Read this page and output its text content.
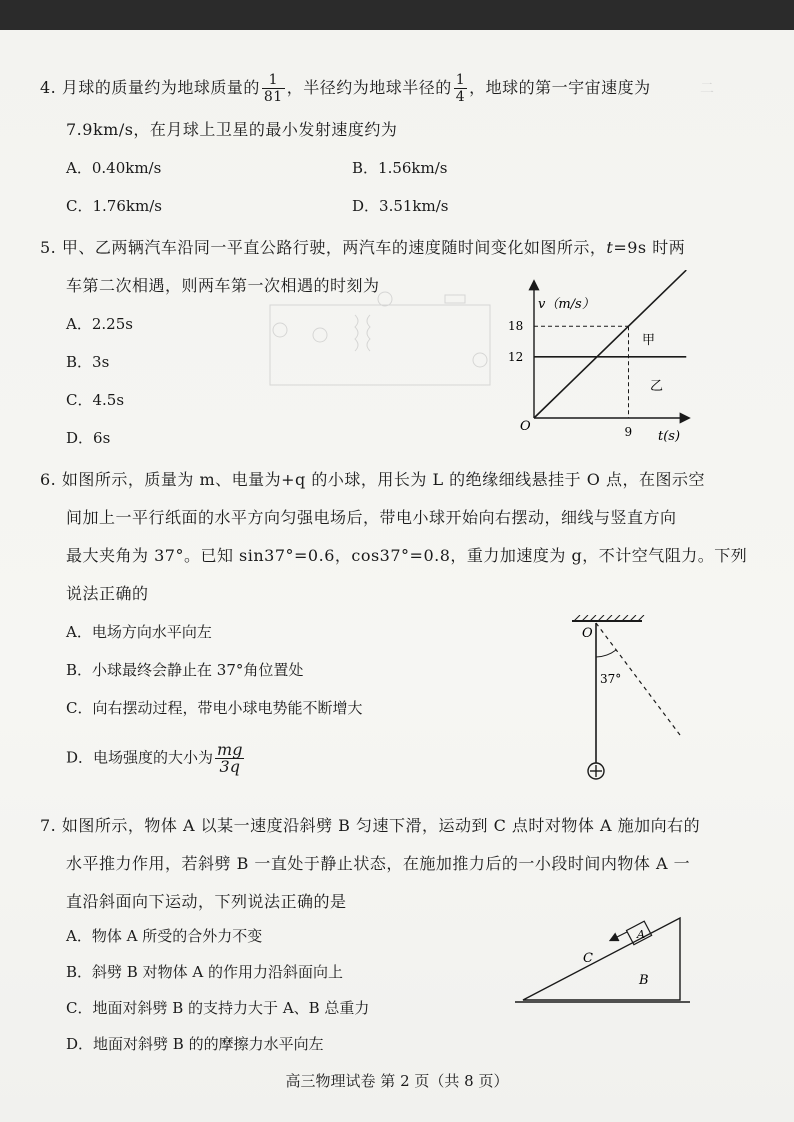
二
4. 月球的质量约为地球质量的 $\frac{1}{81}$ ，半径约为地球半径的 $\frac{1}{4}$ ，地球的第一宇宙速度为
7.9km/s，在月球上卫星的最小发射速度约为
A．0.40km/s	B．1.56km/s
C．1.76km/s	D．3.51km/s
5. 甲、乙两辆汽车沿同一平直公路行驶，两汽车的速度随时间变化如图所示，t=9s 时两
车第二次相遇，则两车第一次相遇的时刻为
A．2.25s
B．3s
C．4.5s
D．6s
v（m/s）
O
18
12
9 t(s)
甲
乙
6. 如图所示，质量为 m、电量为+q 的小球，用长为 L 的绝缘细线悬挂于 O 点，在图示空
间加上一平行纸面的水平方向匀强电场后，带电小球开始向右摆动，细线与竖直方向
最大夹角为 37°。已知 sin37°=0.6，cos37°=0.8，重力加速度为 g，不计空气阻力。下列
说法正确的
A．电场方向水平向左
B．小球最终会静止在 37°角位置处
C．向右摆动过程，带电小球电势能不断增大
D．电场强度的大小为 $\frac{mg}{3q}$
O
37°
7. 如图所示，物体 A 以某一速度沿斜劈 B 匀速下滑，运动到 C 点时对物体 A 施加向右的
水平推力作用，若斜劈 B 一直处于静止状态，在施加推力后的一小段时间内物体 A 一
直沿斜面向下运动，下列说法正确的是
A．物体 A 所受的合外力不变
B．斜劈 B 对物体 A 的作用力沿斜面向上
C．地面对斜劈 B 的支持力大于 A、B 总重力
D．地面对斜劈 B 的的摩擦力水平向左
A
C
B
高三物理试卷 第 2 页（共 8 页）
